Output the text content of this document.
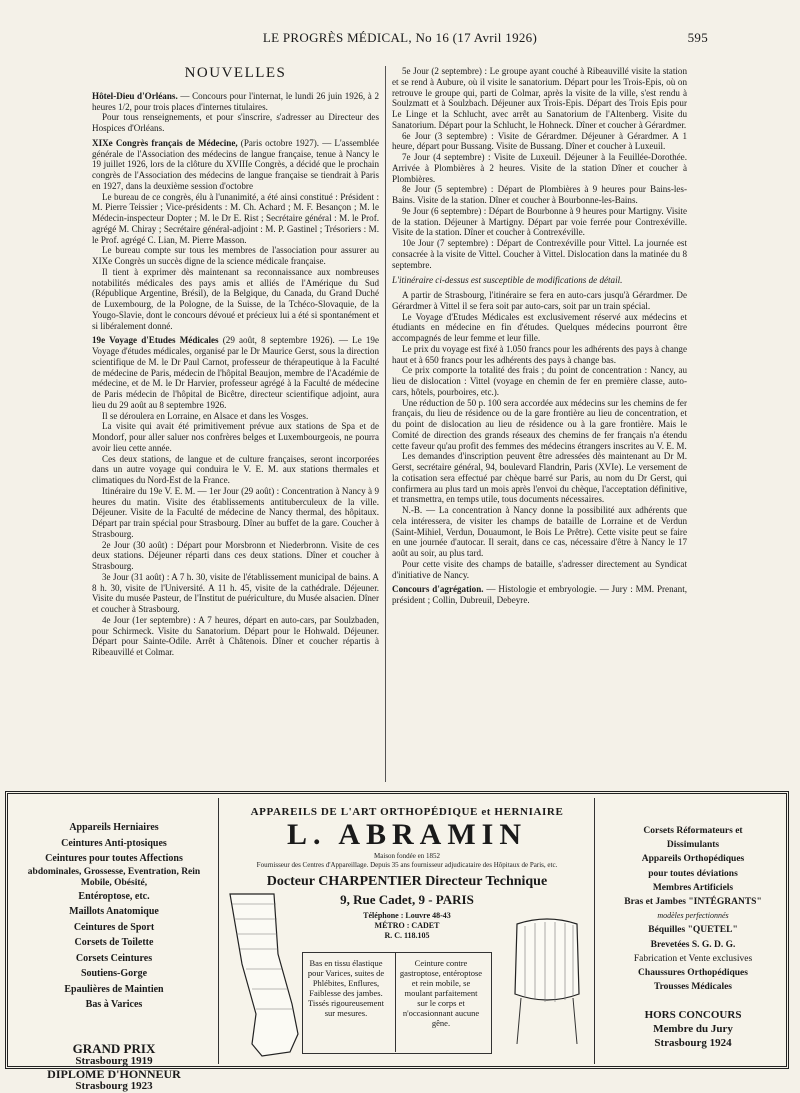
LE PROGRÈS MÉDICAL, No 16 (17 Avril 1926)	595
NOUVELLES

Hôtel-Dieu d'Orléans. — Concours pour l'internat, le lundi 26 juin 1926, à 2 heures 1/2, pour trois places d'internes titulaires.

Pour tous renseignements, et pour s'inscrire, s'adresser au Directeur des Hospices d'Orléans.

XIXe Congrès français de Médecine, (Paris octobre 1927). — L'assemblée générale de l'Association des médecins de langue française, tenue à Nancy le 19 juillet 1926, lors de la clôture du XVIIIe Congrès, a décidé que le prochain congrès de l'Association des médecins de langue française se tiendrait à Paris en 1927, dans la deuxième session d'octobre

Le bureau de ce congrès, élu à l'unanimité, a été ainsi constitué : Président : M. Pierre Teissier ; Vice-présidents : M. Ch. Achard ; M. F. Besançon ; M. le Médecin-inspecteur Dopter ; M. le Dr E. Rist ; Secrétaire général : M. le Prof. agrégé M. Chiray ; Secrétaire général-adjoint : M. P. Gastinel ; Trésoriers : M. le Prof. agrégé C. Lian, M. Pierre Masson.

Le bureau compte sur tous les membres de l'association pour assurer au XIXe Congrès un succès digne de la science médicale française.

Il tient à exprimer dès maintenant sa reconnaissance aux nombreuses notabilités médicales des pays amis et alliés de l'Amérique du Sud (République Argentine, Brésil), de la Belgique, du Canada, du Grand Duché de Luxembourg, de la Pologne, de la Suisse, de la Tchéco-Slovaquie, de la Yougo-Slavie, dont le concours dévoué et précieux lui a été si spontanément et si libéralement donné.

19e Voyage d'Etudes Médicales (29 août, 8 septembre 1926). — Le 19e Voyage d'études médicales, organisé par le Dr Maurice Gerst, sous la direction scientifique de M. le Dr Paul Carnot, professeur de thérapeutique à la Faculté de médecine de Paris, médecin de l'hôpital Beaujon, membre de l'Académie de médecine, et de M. le Dr Harvier, professeur agrégé à la Faculté de médecine de Paris médecin de l'hôpital de Bicêtre, directeur scientifique adjoint, aura lieu du 29 août au 8 septembre 1926.

Il se déroulera en Lorraine, en Alsace et dans les Vosges.

La visite qui avait été primitivement prévue aux stations de Spa et de Mondorf, pour aller saluer nos confrères belges et Luxembourgeois, ne pourra avoir lieu cette année.

Ces deux stations, de langue et de culture françaises, seront incorporées dans un autre voyage qui conduira le V. E. M. aux stations thermales et climatiques du Nord-Est de la France.

Itinéraire du 19e V. E. M. — 1er Jour (29 août) : Concentration à Nancy à 9 heures du matin. Visite des établissements antituberculeux de la ville. Déjeuner. Visite de la Faculté de médecine de Nancy thermal, des hôpitaux. Départ par train spécial pour Strasbourg. Dîner au buffet de la gare. Coucher à Strasbourg.

2e Jour (30 août) : Départ pour Morsbronn et Niederbronn. Visite de ces deux stations. Déjeuner réparti dans ces deux stations. Dîner et coucher à Strasbourg.

3e Jour (31 août) : A 7 h. 30, visite de l'établissement municipal de bains. A 8 h. 30, visite de l'Université. A 11 h. 45, visite de la cathédrale. Déjeuner. Visite du musée Pasteur, de l'Institut de puériculture, du Musée alsacien. Dîner et coucher à Strasbourg.

4e Jour (1er septembre) : A 7 heures, départ en auto-cars, par Soulzbaden, pour Schirmeck. Visite du Sanatorium. Départ pour le Hohwald. Déjeuner. Départ pour Sainte-Odile. Arrêt à Châtenois. Dîner et coucher répartis à Ribeauvillé et Colmar.

5e Jour (2 septembre) : Le groupe ayant couché à Ribeauvillé visite la station et se rend à Aubure, où il visite le sanatorium. Départ pour les Trois-Epis, où on retrouve le groupe qui, parti de Colmar, après la visite de la ville, s'est rendu à Soulzmatt et à Soulzbach. Déjeuner aux Trois-Epis. Départ des Trois Epis pour Le Linge et la Schlucht, avec arrêt au Sanatorium de l'Altenberg. Visite du Sanatorium. Départ pour la Schlucht, le Hohneck. Dîner et coucher à Gérardmer.

6e Jour (3 septembre) : Visite de Gérardmer. Déjeuner à Gérardmer. A 1 heure, départ pour Bussang. Visite de Bussang. Dîner et coucher à Luxeuil.

7e Jour (4 septembre) : Visite de Luxeuil. Déjeuner à la Feuillée-Dorothée. Arrivée à Plombières à 2 heures. Visite de la station Dîner et coucher à Plombières.

8e Jour (5 septembre) : Départ de Plombières à 9 heures pour Bains-les-Bains. Visite de la station. Dîner et coucher à Bourbonne-les-Bains.

9e Jour (6 septembre) : Départ de Bourbonne à 9 heures pour Martigny. Visite de la station. Déjeuner à Martigny. Départ par voie ferrée pour Contrexéville. Visite de la station. Dîner et coucher à Contrexéville.

10e Jour (7 septembre) : Départ de Contrexéville pour Vittel. La journée est consacrée à la visite de Vittel. Coucher à Vittel. Dislocation dans la matinée du 8 septembre.

L'itinéraire ci-dessus est susceptible de modifications de détail.

A partir de Strasbourg, l'itinéraire se fera en auto-cars jusqu'à Gérardmer. De Gérardmer à Vittel il se fera soit par auto-cars, soit par un train spécial.

Le Voyage d'Etudes Médicales est exclusivement réservé aux médecins et étudiants en médecine en fin d'études. Quelques médecins pourront être accompagnés de leur femme et leur fille.

Le prix du voyage est fixé à 1.050 francs pour les adhérents des pays à change haut et à 650 francs pour les adhérents des pays à change bas.

Ce prix comporte la totalité des frais ; du point de concentration : Nancy, au lieu de dislocation : Vittel (voyage en chemin de fer en première classe, auto-cars, hôtels, pourboires, etc.).

Une réduction de 50 p. 100 sera accordée aux médecins sur les chemins de fer français, du lieu de résidence ou de la gare frontière au lieu de concentration, et du point de dislocation au lieu de résidence ou à la gare frontière. Mais le Comité de direction des grands réseaux des chemins de fer français n'a étendu cette faveur qu'au profit des femmes des médecins étrangers inscrites au V. E. M.

Les demandes d'inscription peuvent être adressées dès maintenant au Dr M. Gerst, secrétaire général, 94, boulevard Flandrin, Paris (XVIe). Le versement de la cotisation sera effectué par chèque barré sur Paris, au nom du Dr Gerst, qui confirmera au plus tard un mois après l'envoi du chèque, l'acceptation définitive, et transmettra, en temps utile, tous documents nécessaires.

N.-B. — La concentration à Nancy donne la possibilité aux adhérents que cela intéressera, de visiter les champs de bataille de Lorraine et de Verdun (Saint-Mihiel, Verdun, Douaumont, le Bois Le Prêtre). Cette visite peut se faire en une journée d'autocar. Il serait, dans ce cas, nécessaire d'être à Nancy le 17 août au soir, au plus tard.

Pour cette visite des champs de bataille, s'adresser directement au Syndicat d'initiative de Nancy.

Concours d'agrégation. — Histologie et embryologie. — Jury : MM. Prenant, président ; Collin, Dubreuil, Debeyre.

Appareils Herniaires
Ceintures Anti-ptosiques
Ceintures pour toutes Affections
abdominales, Grossesse, Eventration, Rein Mobile, Obésité,
Entéroptose, etc.
Maillots Anatomique
Ceintures de Sport
Corsets de Toilette
Corsets Ceintures
Soutiens-Gorge
Epaulières de Maintien
Bas à Varices
GRAND PRIX
Strasbourg 1919
DIPLOME D'HONNEUR
Strasbourg 1923
APPAREILS DE L'ART ORTHOPÉDIQUE et HERNIAIRE
L. ABRAMIN
Maison fondée en 1852
Fournisseur des Centres d'Appareillage. Depuis 35 ans fournisseur adjudicataire des Hôpitaux de Paris, etc.
Docteur CHARPENTIER Directeur Technique
9, Rue Cadet, 9 - PARIS
Téléphone : Louvre 48-43
MÉTRO : CADET
R. C. 118.105
Bas en tissu élastique pour Varices, suites de Phlébites, Enflures, Faiblesse des jambes. Tissés rigoureusement sur mesures.
Ceinture contre gastroptose, entéroptose et rein mobile, se moulant parfaitement sur le corps et n'occasionnant aucune gêne.
Corsets Réformateurs et
Dissimulants
Appareils Orthopédiques
pour toutes déviations
Membres Artificiels
Bras et Jambes "INTÉGRANTS"
modèles perfectionnés
Béquilles "QUETEL"
Brevetées S. G. D. G.
Fabrication et Vente exclusives
Chaussures Orthopédiques
Trousses Médicales
HORS CONCOURS
Membre du Jury
Strasbourg 1924
